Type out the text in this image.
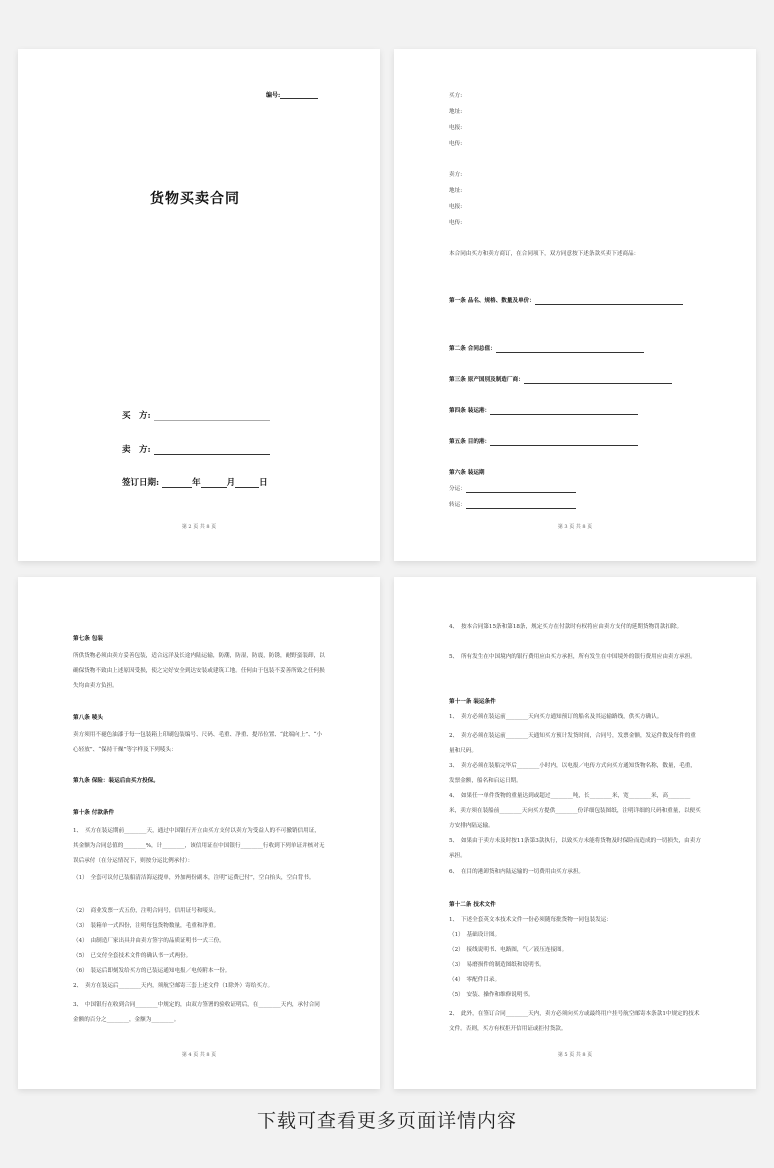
编号:
货物买卖合同
买　方:
卖　方:
签订日期:	年	月	日
第 2 页 共 8 页
买方:
地址:
电报:
电传:
卖方:
地址:
电报:
电传:
本合同由买方和卖方商订，在合同项下，双方同意按下述条款买卖下述商品：
第一条 品名、规格、数量及单价：
第二条 合同总值：
第三条 原产国别及制造厂商：
第四条 装运港：
第五条 目的港：
第六条 装运期
分运：
转运：
第 3 页 共 8 页
第七条 包装
所供货物必须由卖方妥善包装，适合远洋及长途内陆运输，防潮，防湿，防震，防锈，耐野蛮装卸，以确保货物不致由上述原因受损，使之完好安全到达安装或建筑工地。任何由于包装不妥善所致之任何损失均由卖方负担。
第八条 唛头
卖方须用不褪色油漆于每一包装箱上印刷包装编号、尺码、毛重、净重、提吊位置、“此端向上”、“小心轻放”、“保持干燥”等字样及下列唛头：
第九条 保险：装运后由买方投保。
第十条 付款条件
1、　买方在装运期前________天，通过中国银行开立由买方支付以卖方为受益人的不可撤销信用证，其金额为合同总值的________%，计________，该信用证在中国银行________行收到下列单证并核对无误后承付（在分运情况下，则按分运比例承付）：
（1）　全套可议付已装船清洁海运提单，外加两份副本，注明“运费已付”，空白抬头，空白背书。
（2）　商业发票一式五份，注明合同号，信用证号和唛头。
（3）　装箱单一式四份，注明每包货物数量，毛重和净重。
（4）　由制造厂家出具并由卖方签字的品质证明书一式三份。
（5）　已交付全套技术文件的确认书一式两份。
（6）　装运后即刻发给买方的已装运通知电报／电传附本一份。
2、　卖方在装运后________天内，须航空邮寄三套上述文件（1除外）寄给买方。
3、　中国银行在收到合同________中规定的，由双方签署的验收证明后，在________天内，承付合同金额的百分之________，金额为________。
第 4 页 共 8 页
4、　按本合同第15条和第18条，规定买方在付款时有权将应由卖方支付的延期货物罚款扣除。
5、　所有发生在中国境内的银行费用应由买方承担，所有发生在中国境外的银行费用应由卖方承担。
第十一条 装运条件
1、　卖方必须在装运前________天向买方通知预订的船名及其运输路线，供买方确认。
2、　卖方必须在装运前________天通知买方预计发货时间，合同号，发票金额，发运件数及每件的重量和尺码。
3、　卖方必须在装船完毕后________小时内，以电报／电传方式向买方通知货物名称，数量，毛重，发票金额，船名和启运日期。
4、　如果任一单件货物的重量达到或超过________吨，长________米，宽________米，高________米，卖方须在装船前________天向买方提供________份详细包装图纸，注明详细的尺码和重量，以便买方安排内陆运输。
5、　如果由于卖方未及时按11条第3款执行，以致买方未能将货物及时保险而造成的一切损失，由卖方承担。
6、　在目的港卸货和内陆运输的一切费用由买方承担。
第十二条 技术文件
1、　下述全套英文本技术文件一份必须随每批货物一同包装发运：
（1）　基础设计图。
（2）　接线说明书、电路图，气／液压连接图。
（3）　易磨损件的制造图纸和说明书。
（4）　零配件目录。
（5）　安装、操作和维修说明书。
2、　此外，在签订合同________天内，卖方必须向买方或最终用户挂号航空邮寄本条款1中规定的技术文件。否则，买方有权拒开信用证或拒付货款。
第 5 页 共 8 页
下载可查看更多页面详情内容
